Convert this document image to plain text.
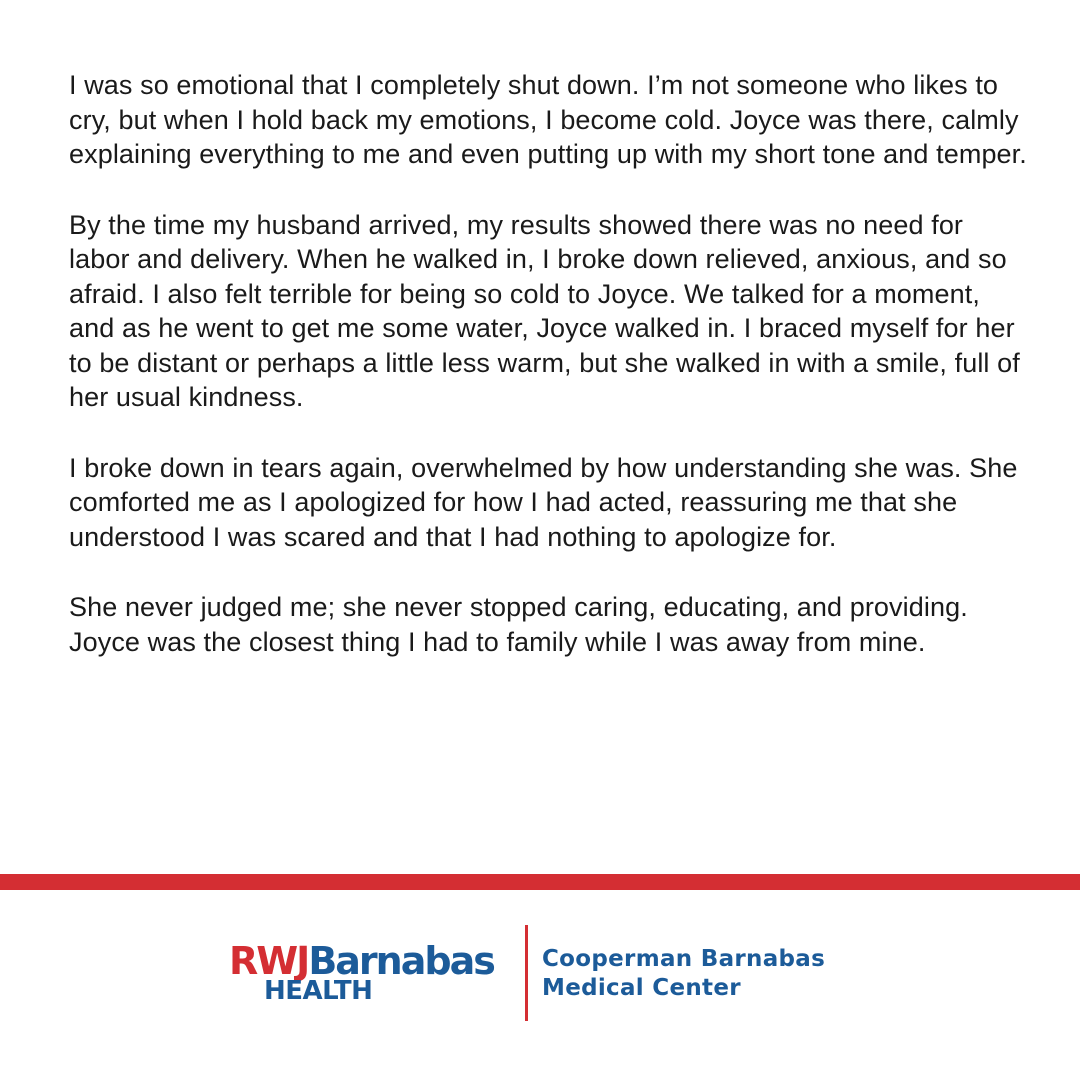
I was so emotional that I completely shut down. I’m not someone who likes to cry, but when I hold back my emotions, I become cold. Joyce was there, calmly explaining everything to me and even putting up with my short tone and temper.

By the time my husband arrived, my results showed there was no need for labor and delivery. When he walked in, I broke down relieved, anxious, and so afraid. I also felt terrible for being so cold to Joyce. We talked for a moment, and as he went to get me some water, Joyce walked in. I braced myself for her to be distant or perhaps a little less warm, but she walked in with a smile, full of her usual kindness.

I broke down in tears again, overwhelmed by how understanding she was. She comforted me as I apologized for how I had acted, reassuring me that she understood I was scared and that I had nothing to apologize for.

She never judged me; she never stopped caring, educating, and providing. Joyce was the closest thing I had to family while I was away from mine.

RWJBarnabas
HEALTH
Cooperman Barnabas
Medical Center
